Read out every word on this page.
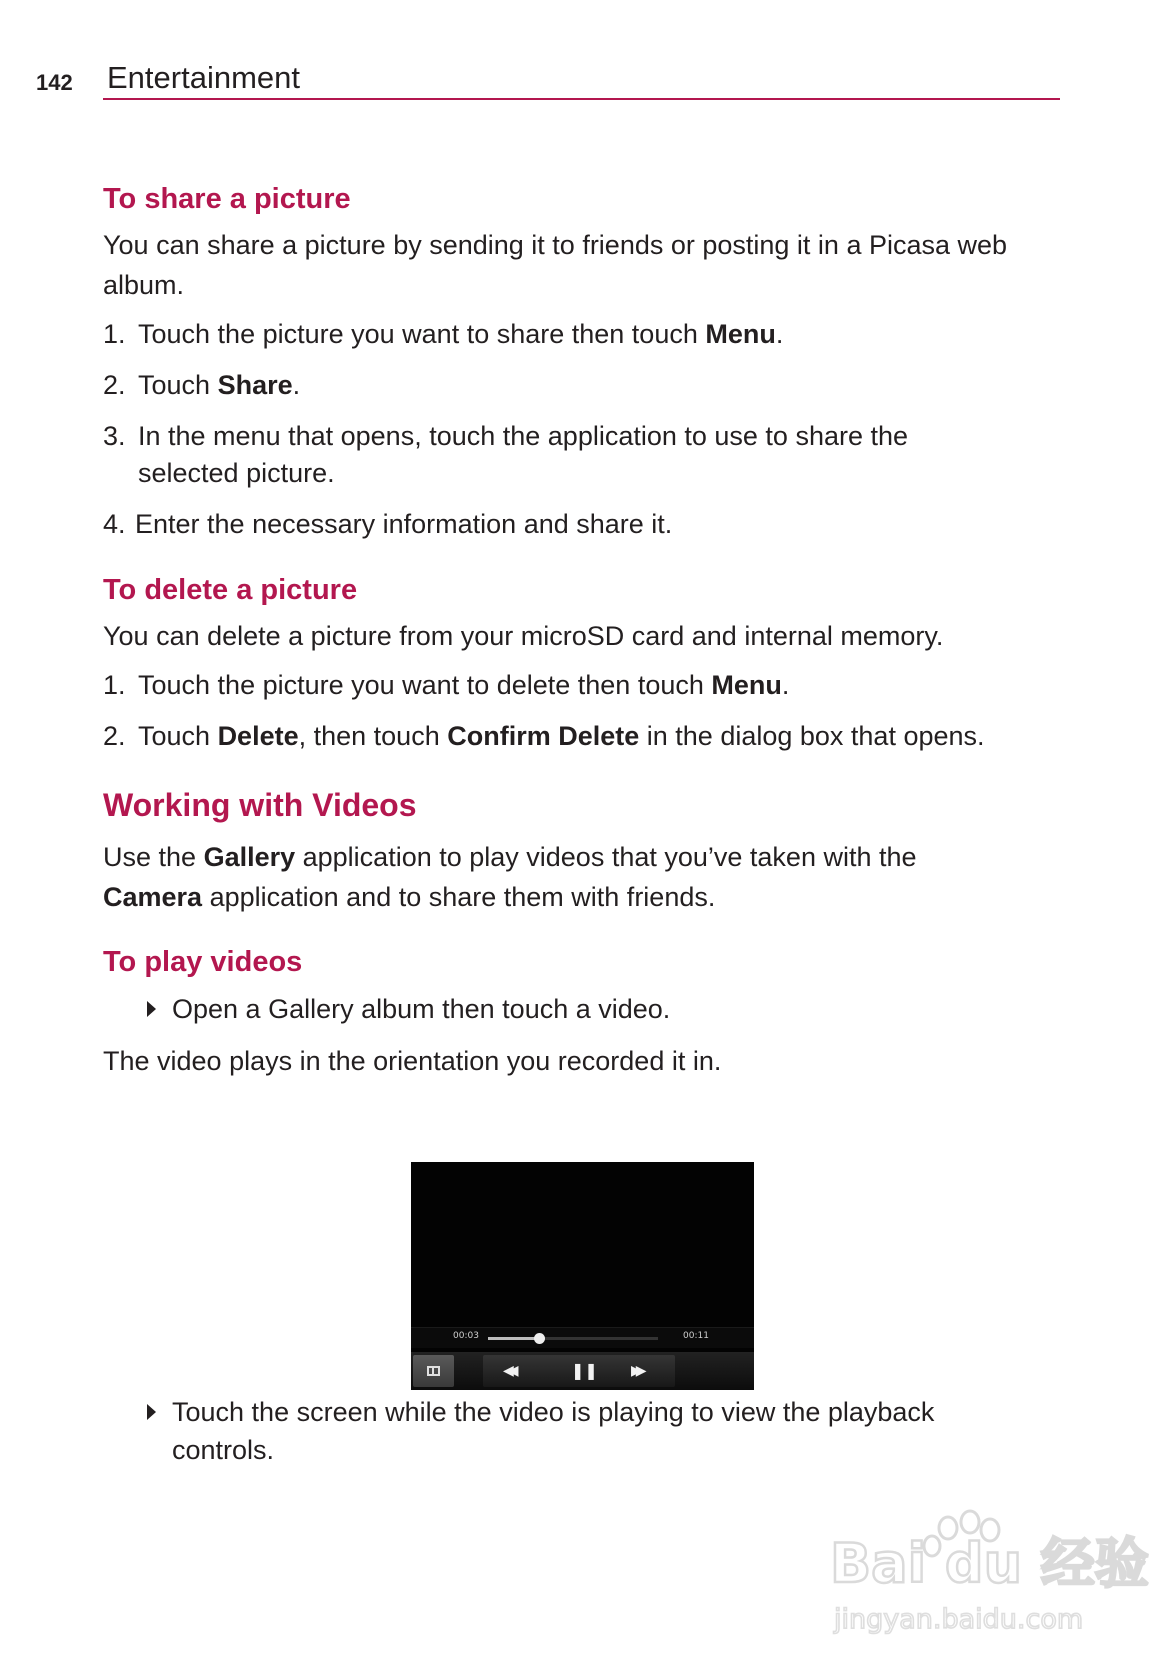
142 Entertainment
To share a picture

You can share a picture by sending it to friends or posting it in a Picasa web album.

1. Touch the picture you want to share then touch Menu.
2. Touch Share.
3. In the menu that opens, touch the application to use to share the selected picture.
4. Enter the necessary information and share it.
To delete a picture

You can delete a picture from your microSD card and internal memory.

1. Touch the picture you want to delete then touch Menu.
2. Touch Delete, then touch Confirm Delete in the dialog box that opens.
Working with Videos

Use the Gallery application to play videos that you’ve taken with the
Camera application and to share them with friends.

To play videos
Open a Gallery album then touch a video.

The video plays in the orientation you recorded it in.

Touch the screen while the video is playing to view the playback controls.
00:03	00:11
◀◀	❚❚ ▶▶
Bai du 经验
jingyan.baidu.com
